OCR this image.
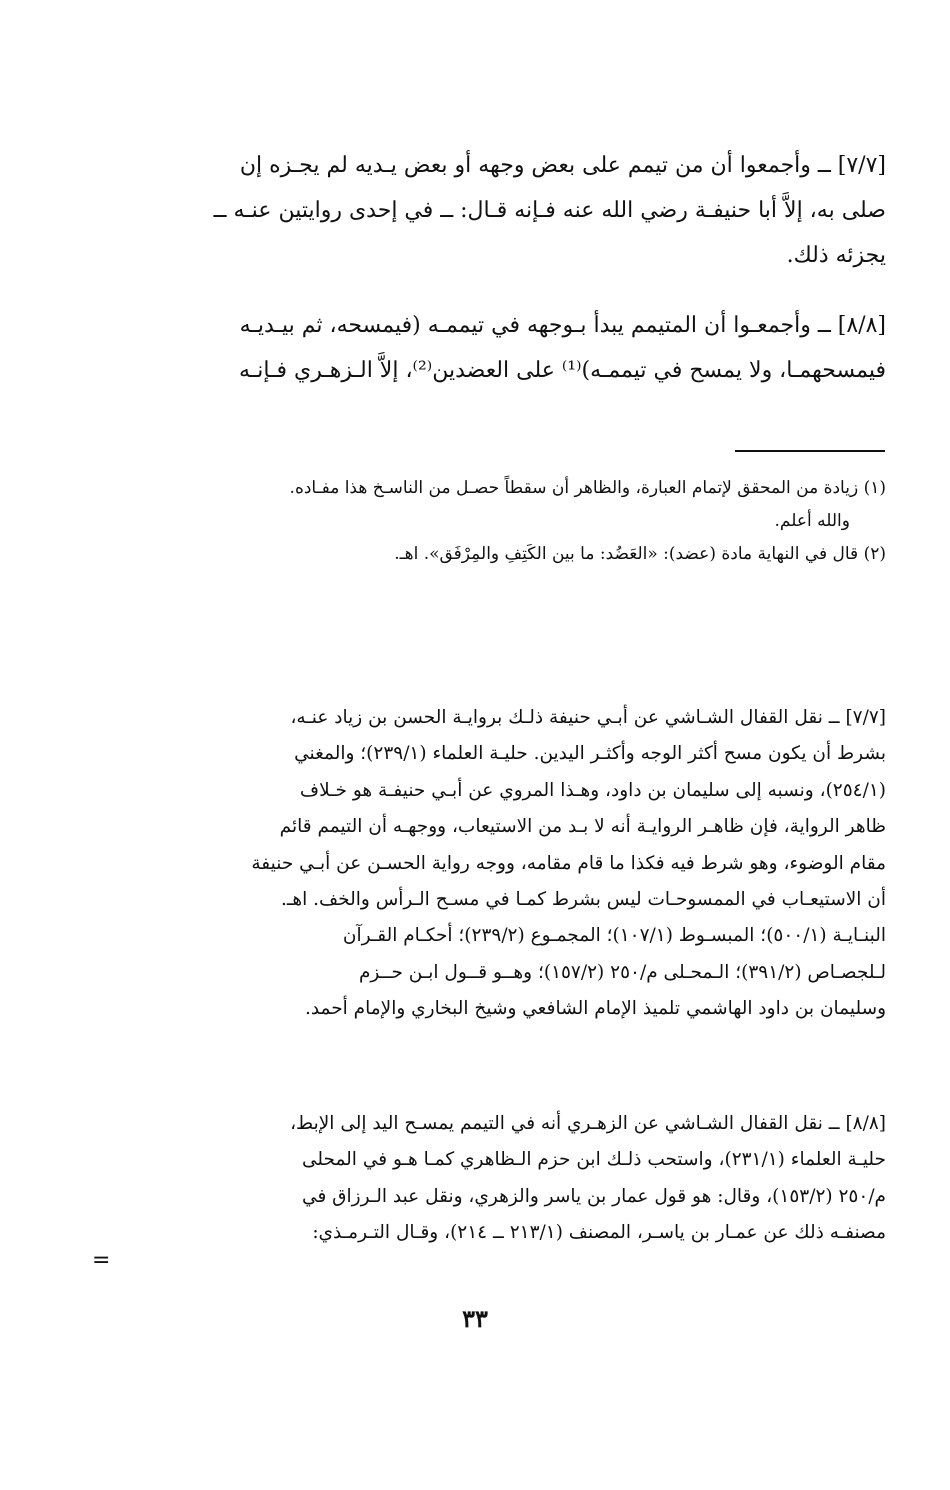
[٧/٧] ــ وأجمعوا أن من تيمم على بعض وجهه أو بعض يـديه لم يجـزه إن
صلى به، إلاَّ أبا حنيفـة رضي الله عنه فـإنه قـال: ــ في إحدى روايتين عنـه ــ
يجزئه ذلك.
[٨/٨] ــ وأجمعـوا أن المتيمم يبدأ بـوجهه في تيممـه (فيمسحه، ثم بيـديـه
فيمسحهمـا، ولا يمسح في تيممـه)⁽¹⁾ على العضدين⁽²⁾، إلاَّ الـزهـري فـإنـه
(١) زيادة من المحقق لإتمام العبارة، والظاهر أن سقطاً حصـل من الناسـخ هذا مفـاده.
والله أعلم.
(٢) قال في النهاية مادة (عضد): «العَضُد: ما بين الكَتِفِ والمِرْفَق». اهـ.
[٧/٧] ــ نقل القفال الشـاشي عن أبـي حنيفة ذلـك بروايـة الحسن بن زياد عنـه،
بشرط أن يكون مسح أكثر الوجه وأكثـر اليدين. حليـة العلماء (٢٣٩/١)؛ والمغني
(٢٥٤/١)، ونسبه إلى سليمان بن داود، وهـذا المروي عن أبـي حنيفـة هو خـلاف
ظاهر الرواية، فإن ظاهـر الروايـة أنه لا بـد من الاستيعاب، ووجهـه أن التيمم قائم
مقام الوضوء، وهو شرط فيه فكذا ما قام مقامه، ووجه رواية الحسـن عن أبـي حنيفة
أن الاستيعـاب في الممسوحـات ليس بشرط كمـا في مسـح الـرأس والخف. اهـ.
البنـايـة (٥٠٠/١)؛ المبسـوط (١٠٧/١)؛ المجمـوع (٢٣٩/٢)؛ أحكـام القـرآن
لـلجصـاص (٣٩١/٢)؛ الـمحـلى م/٢٥٠ (١٥٧/٢)؛ وهــو قــول ابـن حــزم
وسليمان بن داود الهاشمي تلميذ الإمام الشافعي وشيخ البخاري والإمام أحمد.
[٨/٨] ــ نقل القفال الشـاشي عن الزهـري أنه في التيمم يمسـح اليد إلى الإبط،
حليـة العلماء (٢٣١/١)، واستحب ذلـك ابن حزم الـظاهري كمـا هـو في المحلى
م/٢٥٠ (١٥٣/٢)، وقال: هو قول عمار بن ياسر والزهري، ونقل عبد الـرزاق في
مصنفـه ذلك عن عمـار بن ياسـر، المصنف (٢١٣/١ ــ ٢١٤)، وقـال التـرمـذي:
=
٣٣
